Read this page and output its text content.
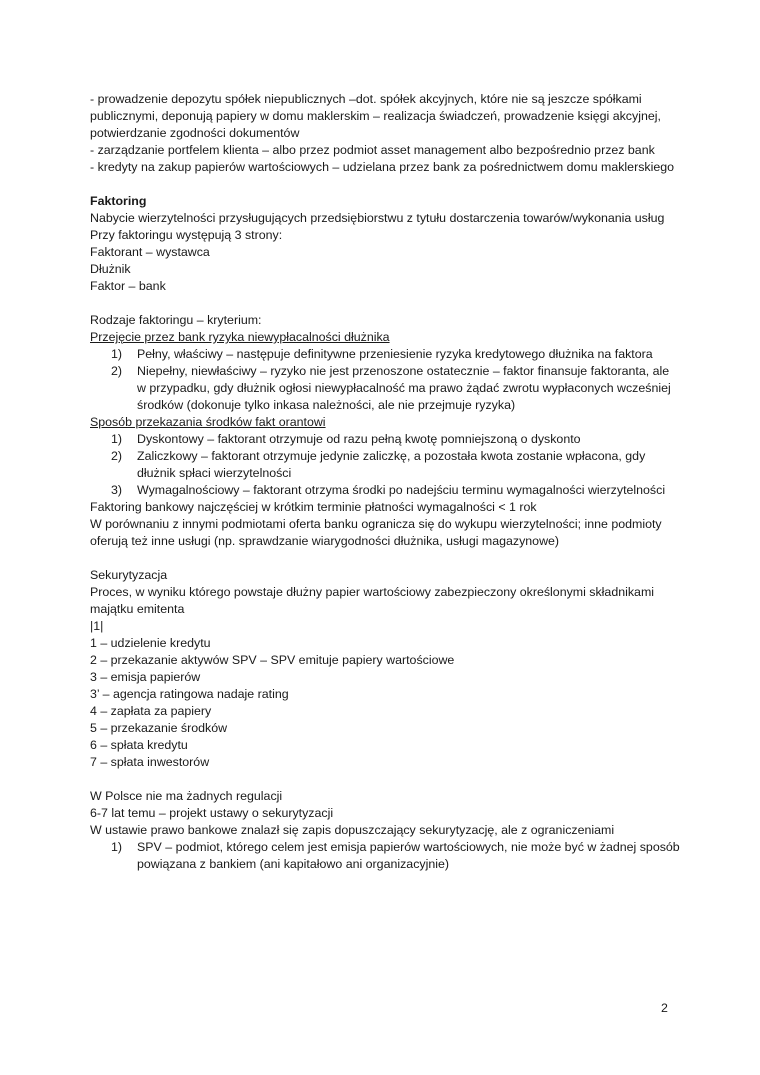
- prowadzenie depozytu spółek niepublicznych –dot. spółek akcyjnych, które nie są jeszcze spółkami publicznymi, deponują papiery w domu maklerskim – realizacja świadczeń, prowadzenie księgi akcyjnej, potwierdzanie zgodności dokumentów

- zarządzanie portfelem klienta – albo przez podmiot asset management albo bezpośrednio przez bank

- kredyty na zakup papierów wartościowych – udzielana przez bank za pośrednictwem domu maklerskiego

Faktoring

Nabycie wierzytelności przysługujących przedsiębiorstwu z tytułu dostarczenia towarów/wykonania usług

Przy faktoringu występują 3 strony:

Faktorant – wystawca

Dłużnik

Faktor – bank

Rodzaje faktoringu – kryterium:

Przejęcie przez bank ryzyka niewypłacalności dłużnika

1)	Pełny, właściwy – następuje definitywne przeniesienie ryzyka kredytowego dłużnika na faktora
2)	Niepełny, niewłaściwy – ryzyko nie jest przenoszone ostatecznie – faktor finansuje faktoranta, ale w przypadku, gdy dłużnik ogłosi niewypłacalność ma prawo żądać zwrotu wypłaconych wcześniej środków (dokonuje tylko inkasa należności, ale nie przejmuje ryzyka)

Sposób przekazania środków fakt orantowi

1)	Dyskontowy – faktorant otrzymuje od razu pełną kwotę pomniejszoną o dyskonto
2)	Zaliczkowy – faktorant otrzymuje jedynie zaliczkę, a pozostała kwota zostanie wpłacona, gdy dłużnik spłaci wierzytelności
3)	Wymagalnościowy – faktorant otrzyma środki po nadejściu terminu wymagalności wierzytelności

Faktoring bankowy najczęściej w krótkim terminie płatności wymagalności < 1 rok

W porównaniu z innymi podmiotami oferta banku ogranicza się do wykupu wierzytelności; inne podmioty oferują też inne usługi (np. sprawdzanie wiarygodności dłużnika, usługi magazynowe)

Sekurytyzacja

Proces, w wyniku którego powstaje dłużny papier wartościowy zabezpieczony określonymi składnikami majątku emitenta

|1|

1 – udzielenie kredytu

2 – przekazanie aktywów SPV – SPV emituje papiery wartościowe

3 – emisja papierów

3’ – agencja ratingowa nadaje rating

4 – zapłata za papiery

5 – przekazanie środków

6 – spłata kredytu

7 – spłata inwestorów

W Polsce nie ma żadnych regulacji

6-7 lat temu – projekt ustawy o sekurytyzacji

W ustawie prawo bankowe znalazł się zapis dopuszczający sekurytyzację, ale z ograniczeniami

1)	SPV – podmiot, którego celem jest emisja papierów wartościowych, nie może być w żadnej sposób powiązana z bankiem (ani kapitałowo ani organizacyjnie)
2
